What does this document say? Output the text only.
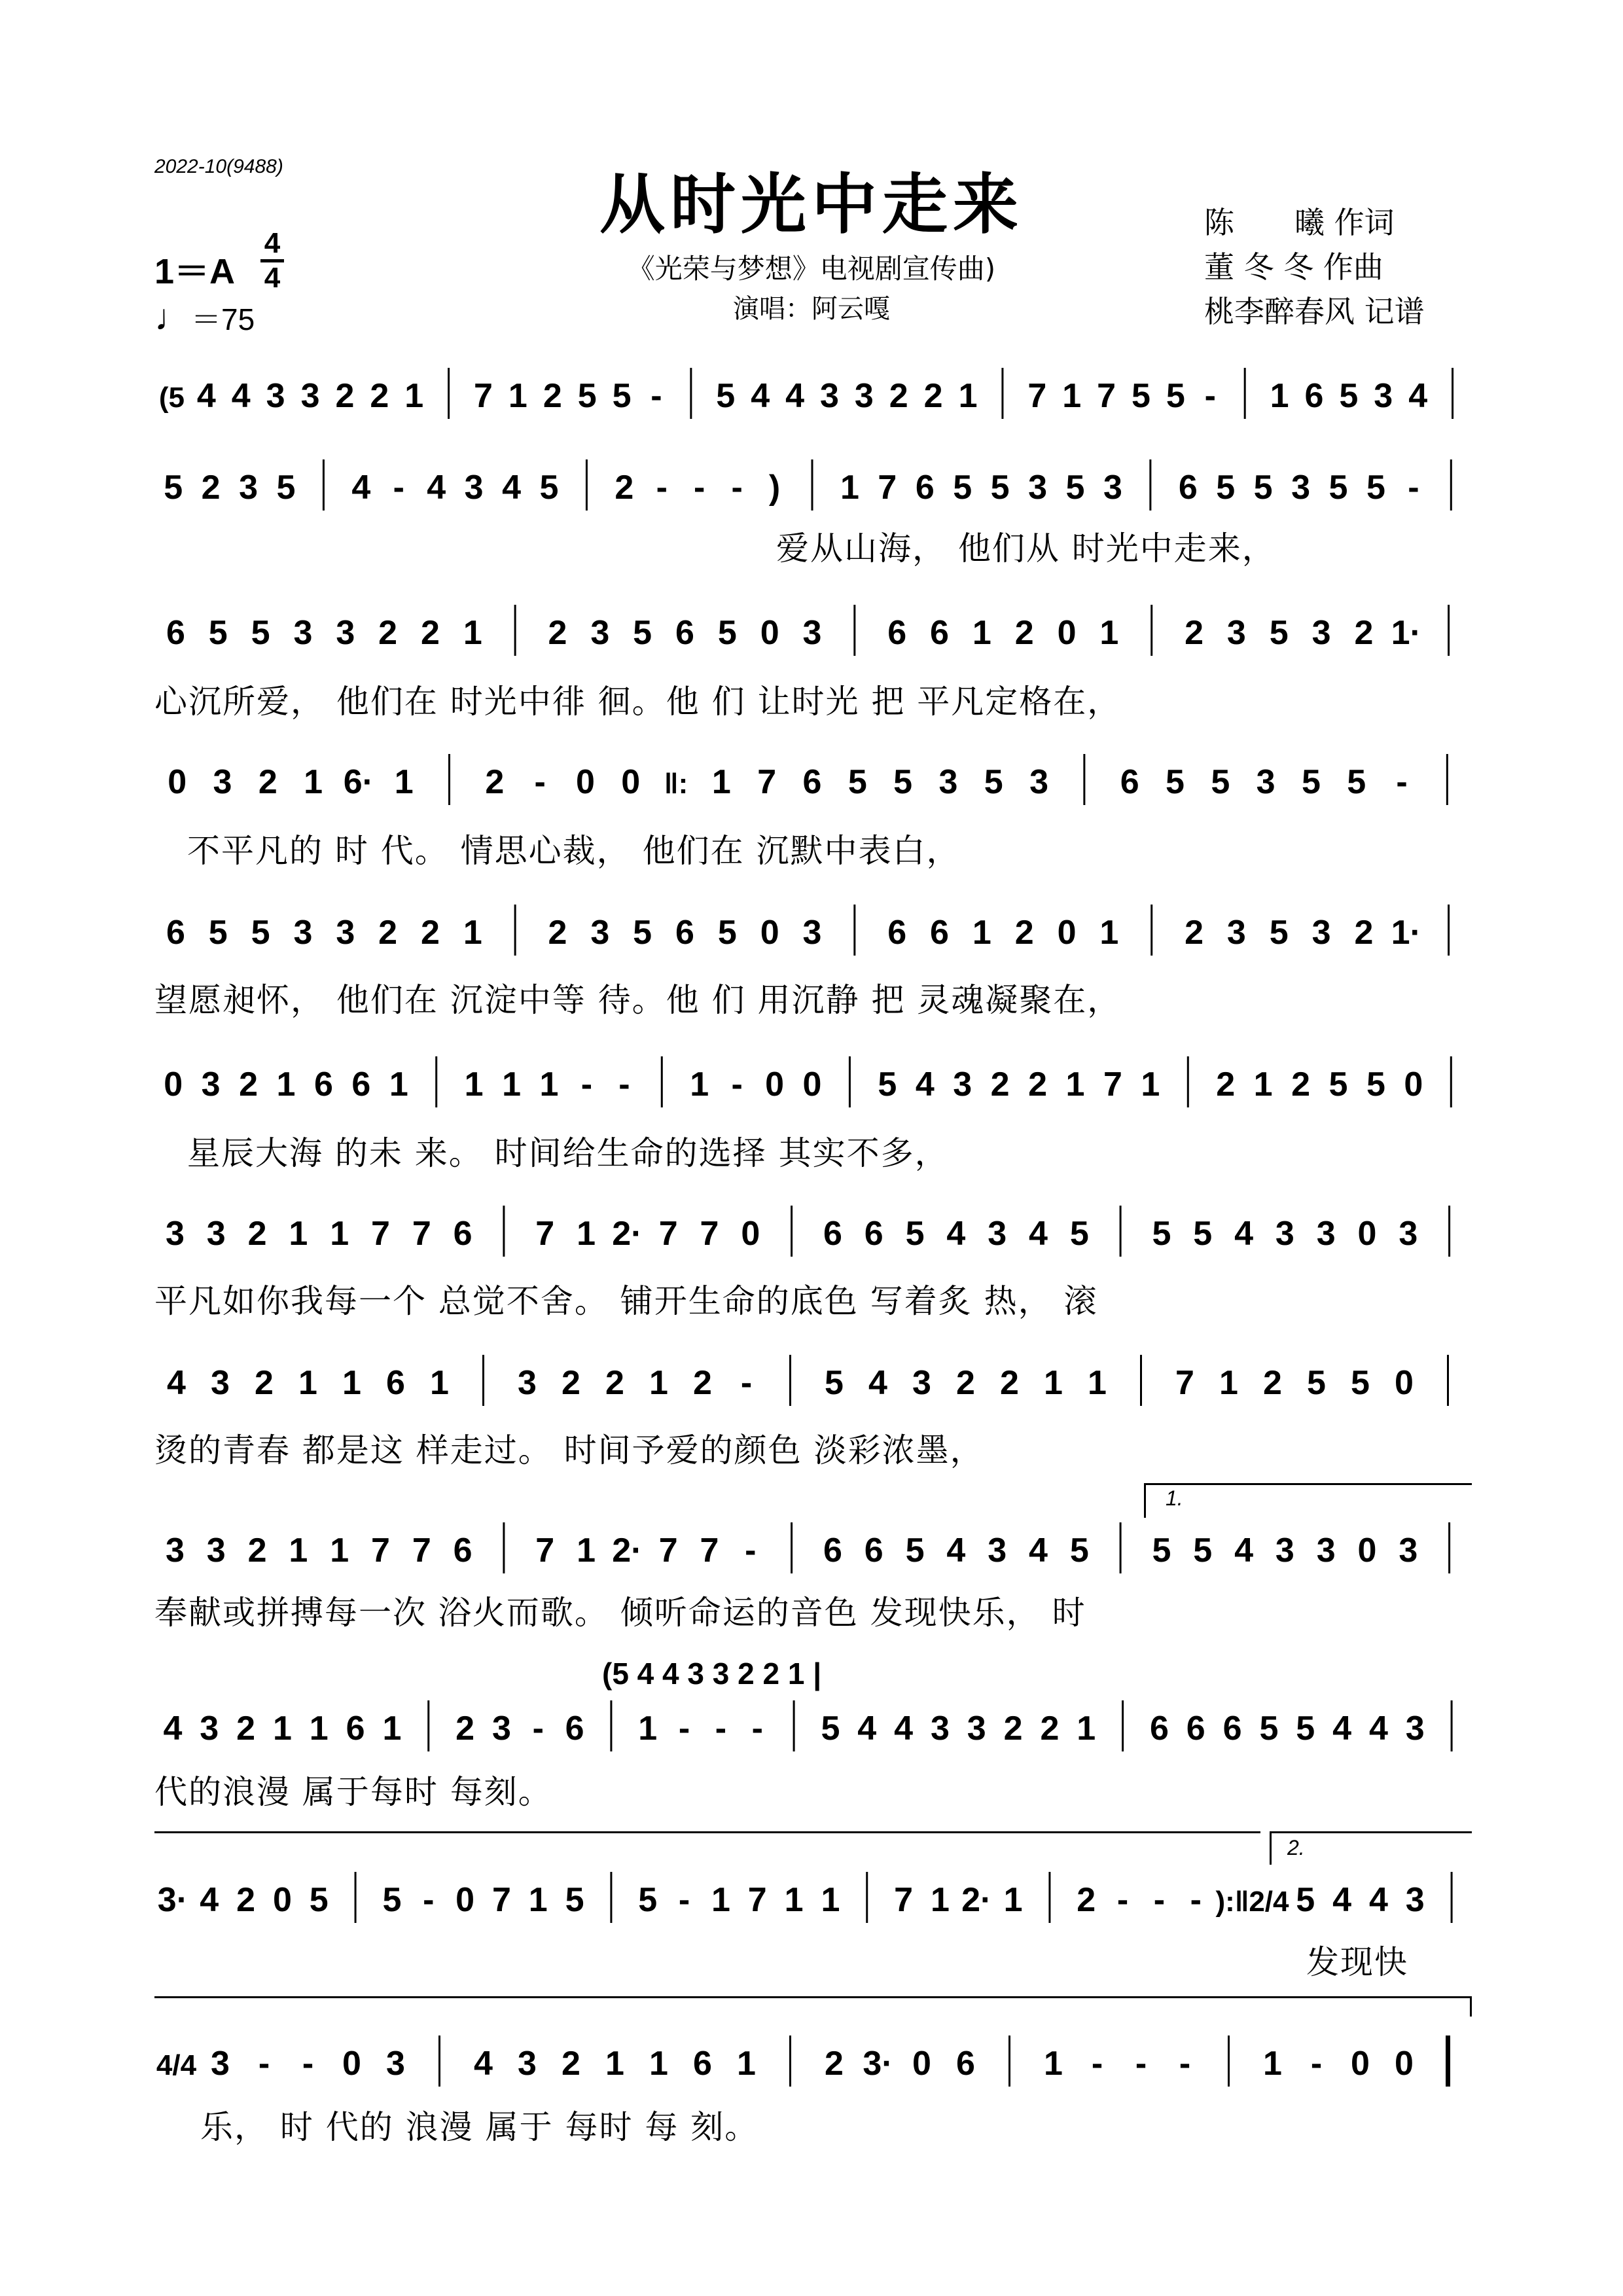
2022-10(9488)	从时光中走来
《光荣与梦想》电视剧宣传曲)
演唱：阿云嘎
陈　　曦 作词
董 冬 冬 作曲
桃李醉春风 记谱
1＝A
4
4
♩＝75
(5 4 4 3 3 2 2 1 7 1 2 5 5 - 5 4 4 3 3 2 2 1 7 1 7 5 5 - 1 6 5 3 4
5 2 3 5 4 - 4 3 4 5 2 - - - ) 1 7 6 5 5 3 5 3 6 5 5 3 5 5 -
爱从山海， 他们从 时光中走来，
6 5 5 3 3 2 2 1 2 3 5 6 5 0 3 6 6 1 2 0 1 2 3 5 3 2 1·
心沉所爱， 他们在 时光中徘 徊。他 们 让时光 把 平凡定格在，
0 3 2 1 6· 1 2 - 0 0 ‖: 1 7 6 5 5 3 5 3 6 5 5 3 5 5 -
不平凡的 时 代。 情思心裁， 他们在 沉默中表白，
6 5 5 3 3 2 2 1 2 3 5 6 5 0 3 6 6 1 2 0 1 2 3 5 3 2 1·
望愿昶怀， 他们在 沉淀中等 待。他 们 用沉静 把 灵魂凝聚在，
0 3 2 1 6 6 1 1 1 1 - - 1 - 0 0 5 4 3 2 2 1 7 1 2 1 2 5 5 0
星辰大海 的未 来。 时间给生命的选择 其实不多，
3 3 2 1 1 7 7 6 7 1 2· 7 7 0 6 6 5 4 3 4 5 5 5 4 3 3 0 3
平凡如你我每一个 总觉不舍。 铺开生命的底色 写着炙 热， 滚
4 3 2 1 1 6 1 3 2 2 1 2 - 5 4 3 2 2 1 1 7 1 2 5 5 0
烫的青春 都是这 样走过。 时间予爱的颜色 淡彩浓墨，
1.
3 3 2 1 1 7 7 6 7 1 2· 7 7 - 6 6 5 4 3 4 5 5 5 4 3 3 0 3
奉献或拼搏每一次 浴火而歌。 倾听命运的音色 发现快乐， 时
(5 4 4 3 3 2 2 1 |
4 3 2 1 1 6 1 2 3 - 6 1 - - - 5 4 4 3 3 2 2 1 6 6 6 5 5 4 4 3
代的浪漫 属于每时 每刻。
2.
3· 4 2 0 5 5 - 0 7 1 5 5 - 1 7 1 1 7 1 2· 1 2 - - - ):‖ 2/4 5 4 4 3
发现快
4/4 3 - - 0 3 4 3 2 1 1 6 1 2 3· 0 6 1 - - - 1 - 0 0
乐， 时 代的 浪漫 属于 每时 每 刻。
